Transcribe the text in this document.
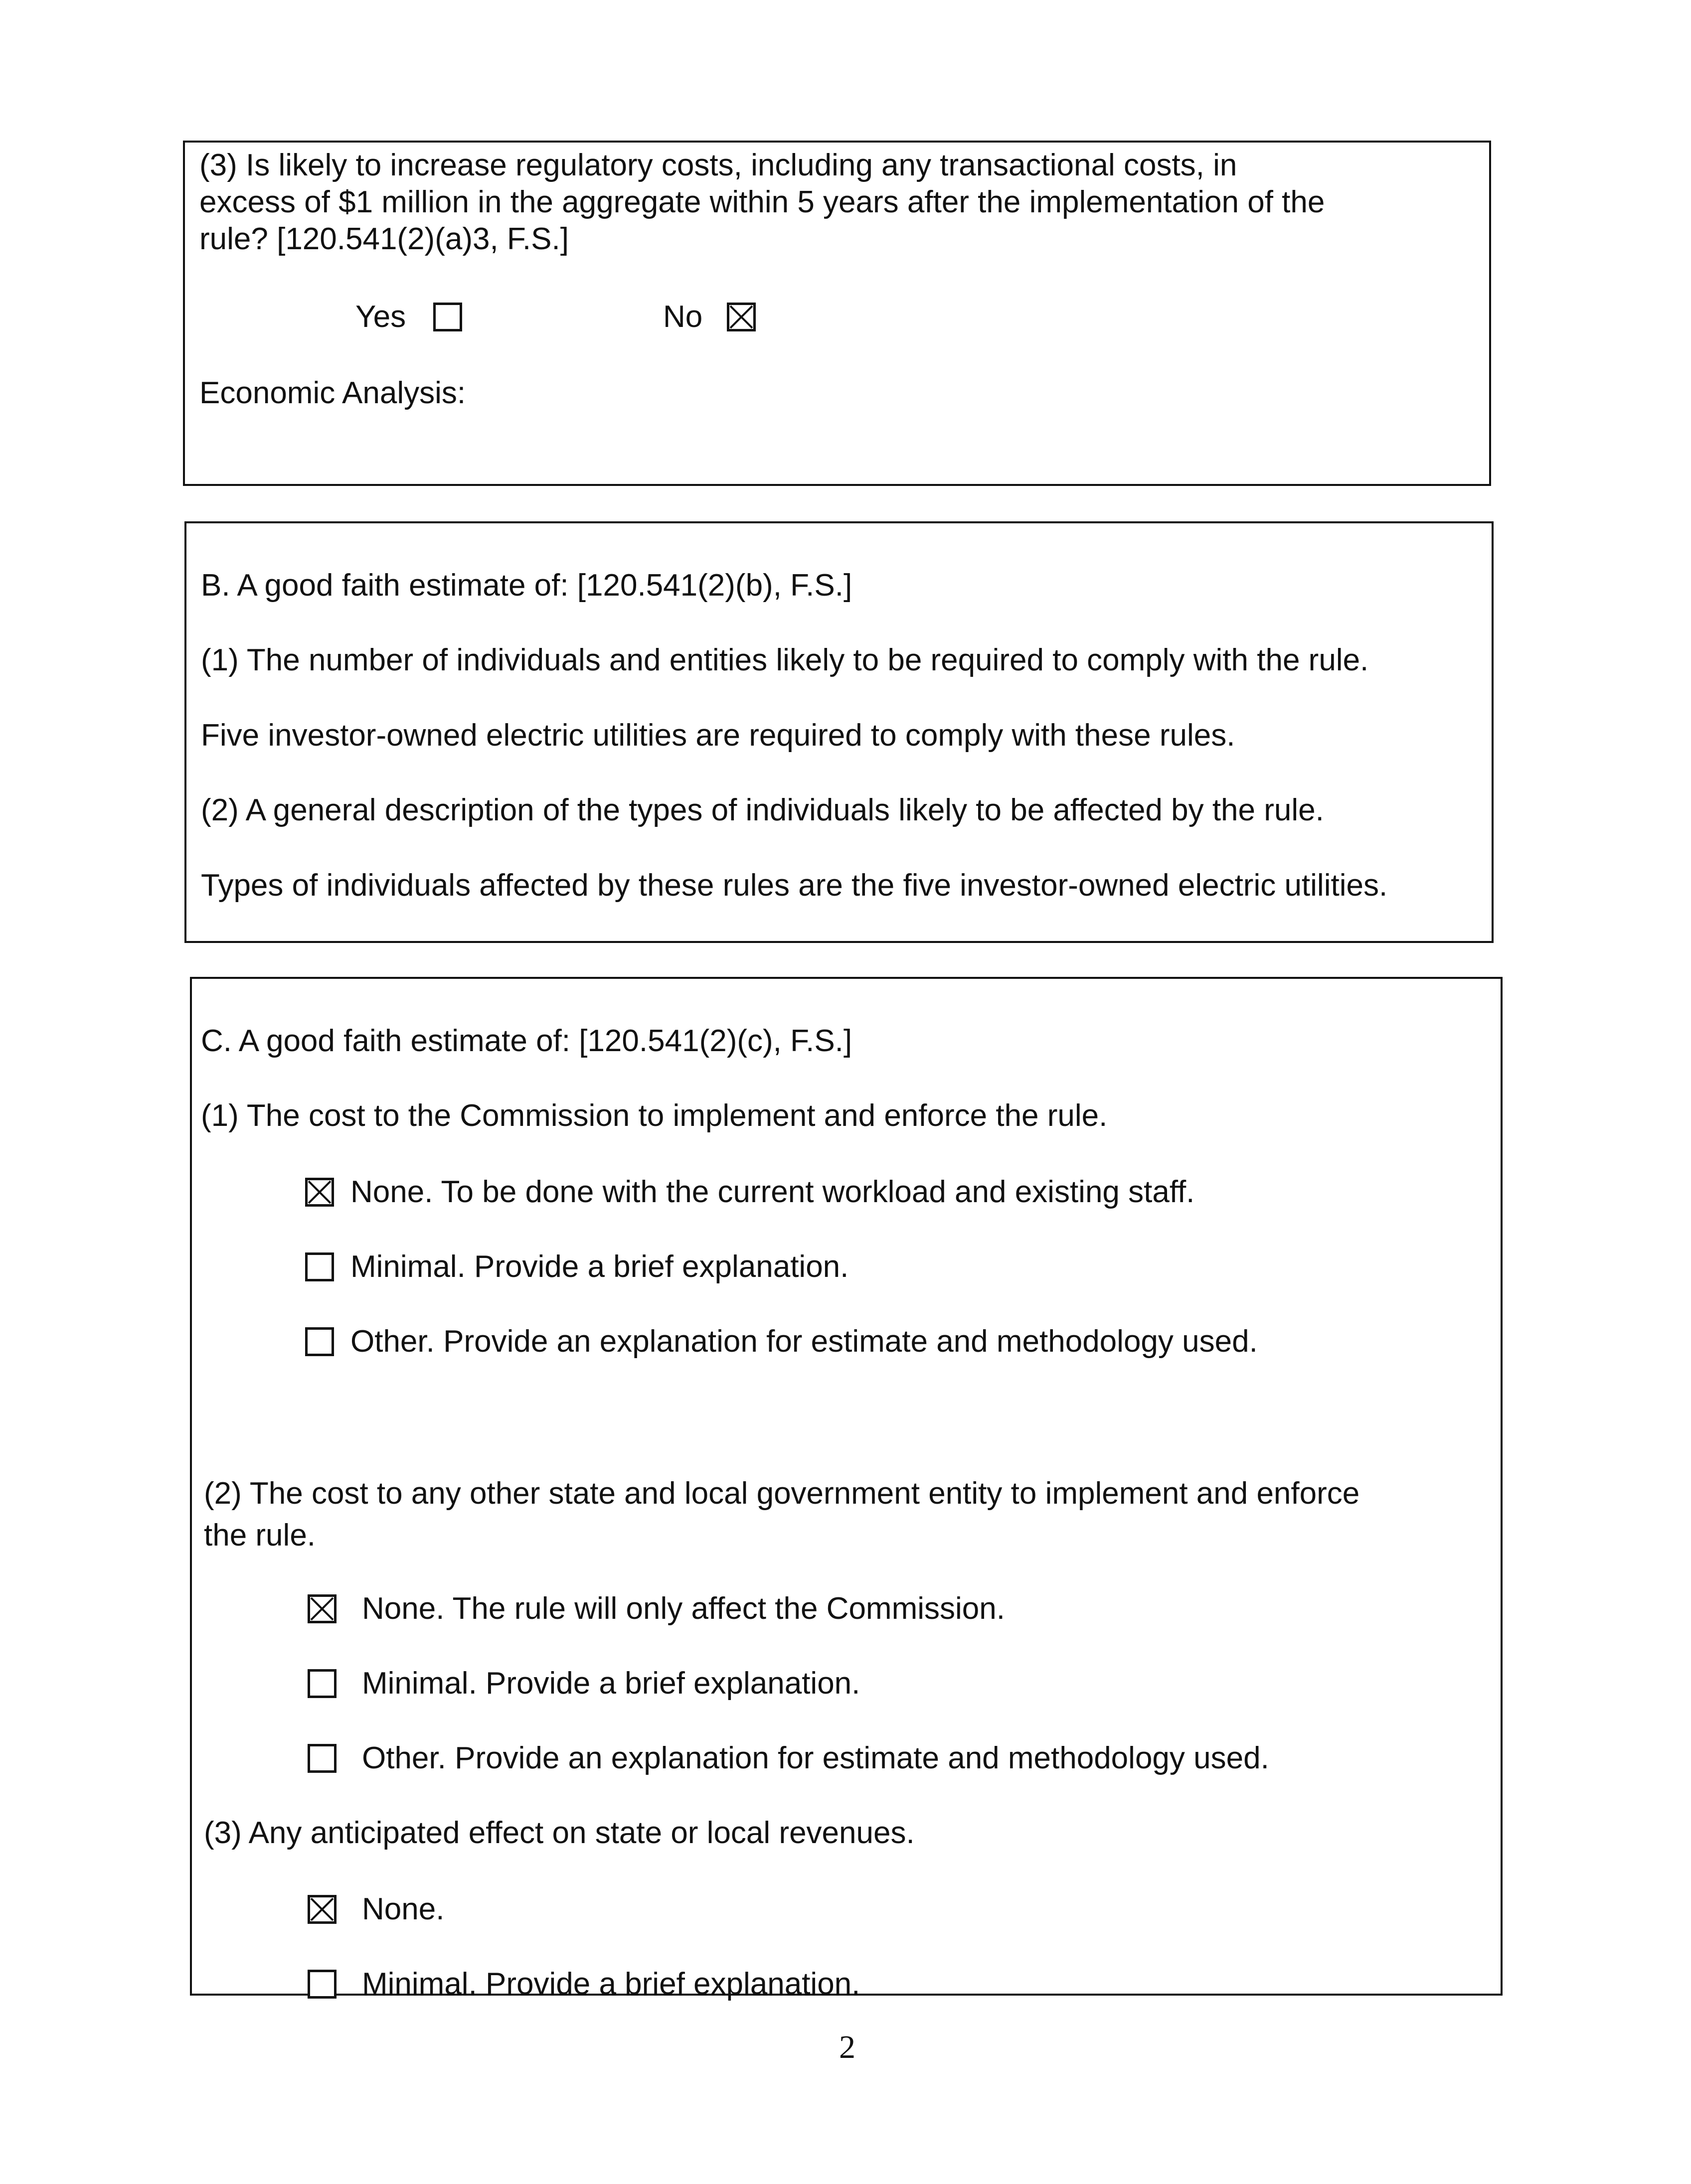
(3) Is likely to increase regulatory costs, including any transactional costs, in
excess of $1 million in the aggregate within 5 years after the implementation of the
rule? [120.541(2)(a)3, F.S.]
Yes	No
Economic Analysis:
B. A good faith estimate of: [120.541(2)(b), F.S.]
(1) The number of individuals and entities likely to be required to comply with the rule.
Five investor-owned electric utilities are required to comply with these rules.
(2) A general description of the types of individuals likely to be affected by the rule.
Types of individuals affected by these rules are the five investor-owned electric utilities.
C. A good faith estimate of: [120.541(2)(c), F.S.]
(1) The cost to the Commission to implement and enforce the rule.
None. To be done with the current workload and existing staff.
Minimal. Provide a brief explanation.
Other. Provide an explanation for estimate and methodology used.
(2) The cost to any other state and local government entity to implement and enforce
the rule.
None. The rule will only affect the Commission.
Minimal. Provide a brief explanation.
Other. Provide an explanation for estimate and methodology used.
(3) Any anticipated effect on state or local revenues.
None.
Minimal. Provide a brief explanation.
2
